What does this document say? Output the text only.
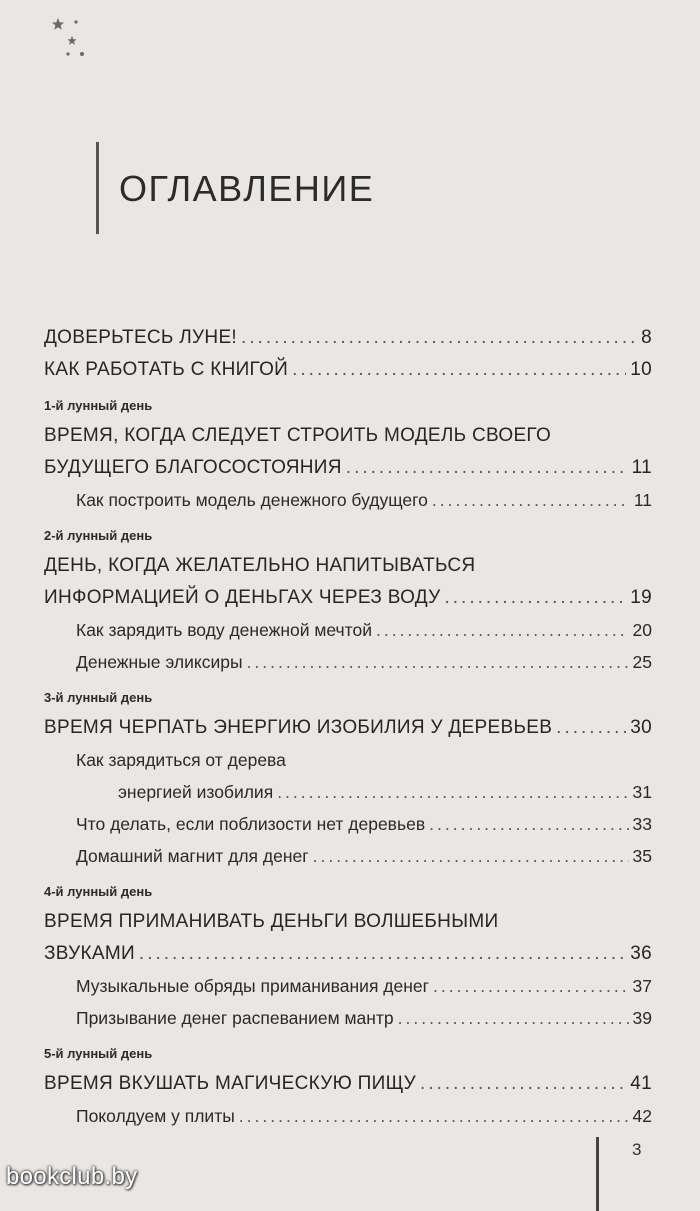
ОГЛАВЛЕНИЕ
ДОВЕРЬТЕСЬ ЛУНЕ! .....	8
КАК РАБОТАТЬ С КНИГОЙ .....	10
1-й лунный день
ВРЕМЯ, КОГДА СЛЕДУЕТ СТРОИТЬ МОДЕЛЬ СВОЕГО
БУДУЩЕГО БЛАГОСОСТОЯНИЯ .....	11
Как построить модель денежного будущего .....	11
2-й лунный день
ДЕНЬ, КОГДА ЖЕЛАТЕЛЬНО НАПИТЫВАТЬСЯ
ИНФОРМАЦИЕЙ О ДЕНЬГАХ ЧЕРЕЗ ВОДУ .....	19
Как зарядить воду денежной мечтой .....	20
Денежные эликсиры .....	25
3-й лунный день
ВРЕМЯ ЧЕРПАТЬ ЭНЕРГИЮ ИЗОБИЛИЯ У ДЕРЕВЬЕВ .....	30
Как зарядиться от дерева
энергией изобилия .....	31
Что делать, если поблизости нет деревьев .....	33
Домашний магнит для денег .....	35
4-й лунный день
ВРЕМЯ ПРИМАНИВАТЬ ДЕНЬГИ ВОЛШЕБНЫМИ
ЗВУКАМИ .....	36
Музыкальные обряды приманивания денег .....	37
Призывание денег распеванием мантр .....	39
5-й лунный день
ВРЕМЯ ВКУШАТЬ МАГИЧЕСКУЮ ПИЩУ .....	41
Поколдуем у плиты .....	42
3
bookclub.by
